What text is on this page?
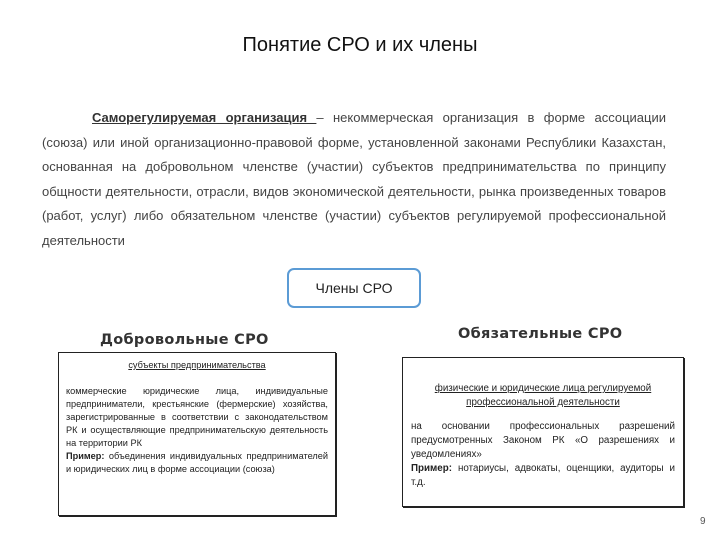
Понятие СРО и их члены
Саморегулируемая организация – некоммерческая организация в форме ассоциации (союза) или иной организационно-правовой форме, установленной законами Республики Казахстан, основанная на добровольном членстве (участии) субъектов предпринимательства по принципу общности деятельности, отрасли, видов экономической деятельности, рынка произведенных товаров (работ, услуг) либо обязательном членстве (участии) субъектов регулируемой профессиональной деятельности
Члены СРО
Добровольные СРО	Обязательные СРО
субъекты предпринимательства
коммерческие юридические лица, индивидуальные предприниматели, крестьянские (фермерские) хозяйства, зарегистрированные в соответствии с законодательством РК и осуществляющие предпринимательскую деятельность на территории РК
Пример: объединения индивидуальных предпринимателей и юридических лиц в форме ассоциации (союза)
физические и юридические лица регулируемой профессиональной деятельности
на основании профессиональных разрешений предусмотренных Законом РК «О разрешениях и уведомлениях»
Пример: нотариусы, адвокаты, оценщики, аудиторы и т.д.
9
